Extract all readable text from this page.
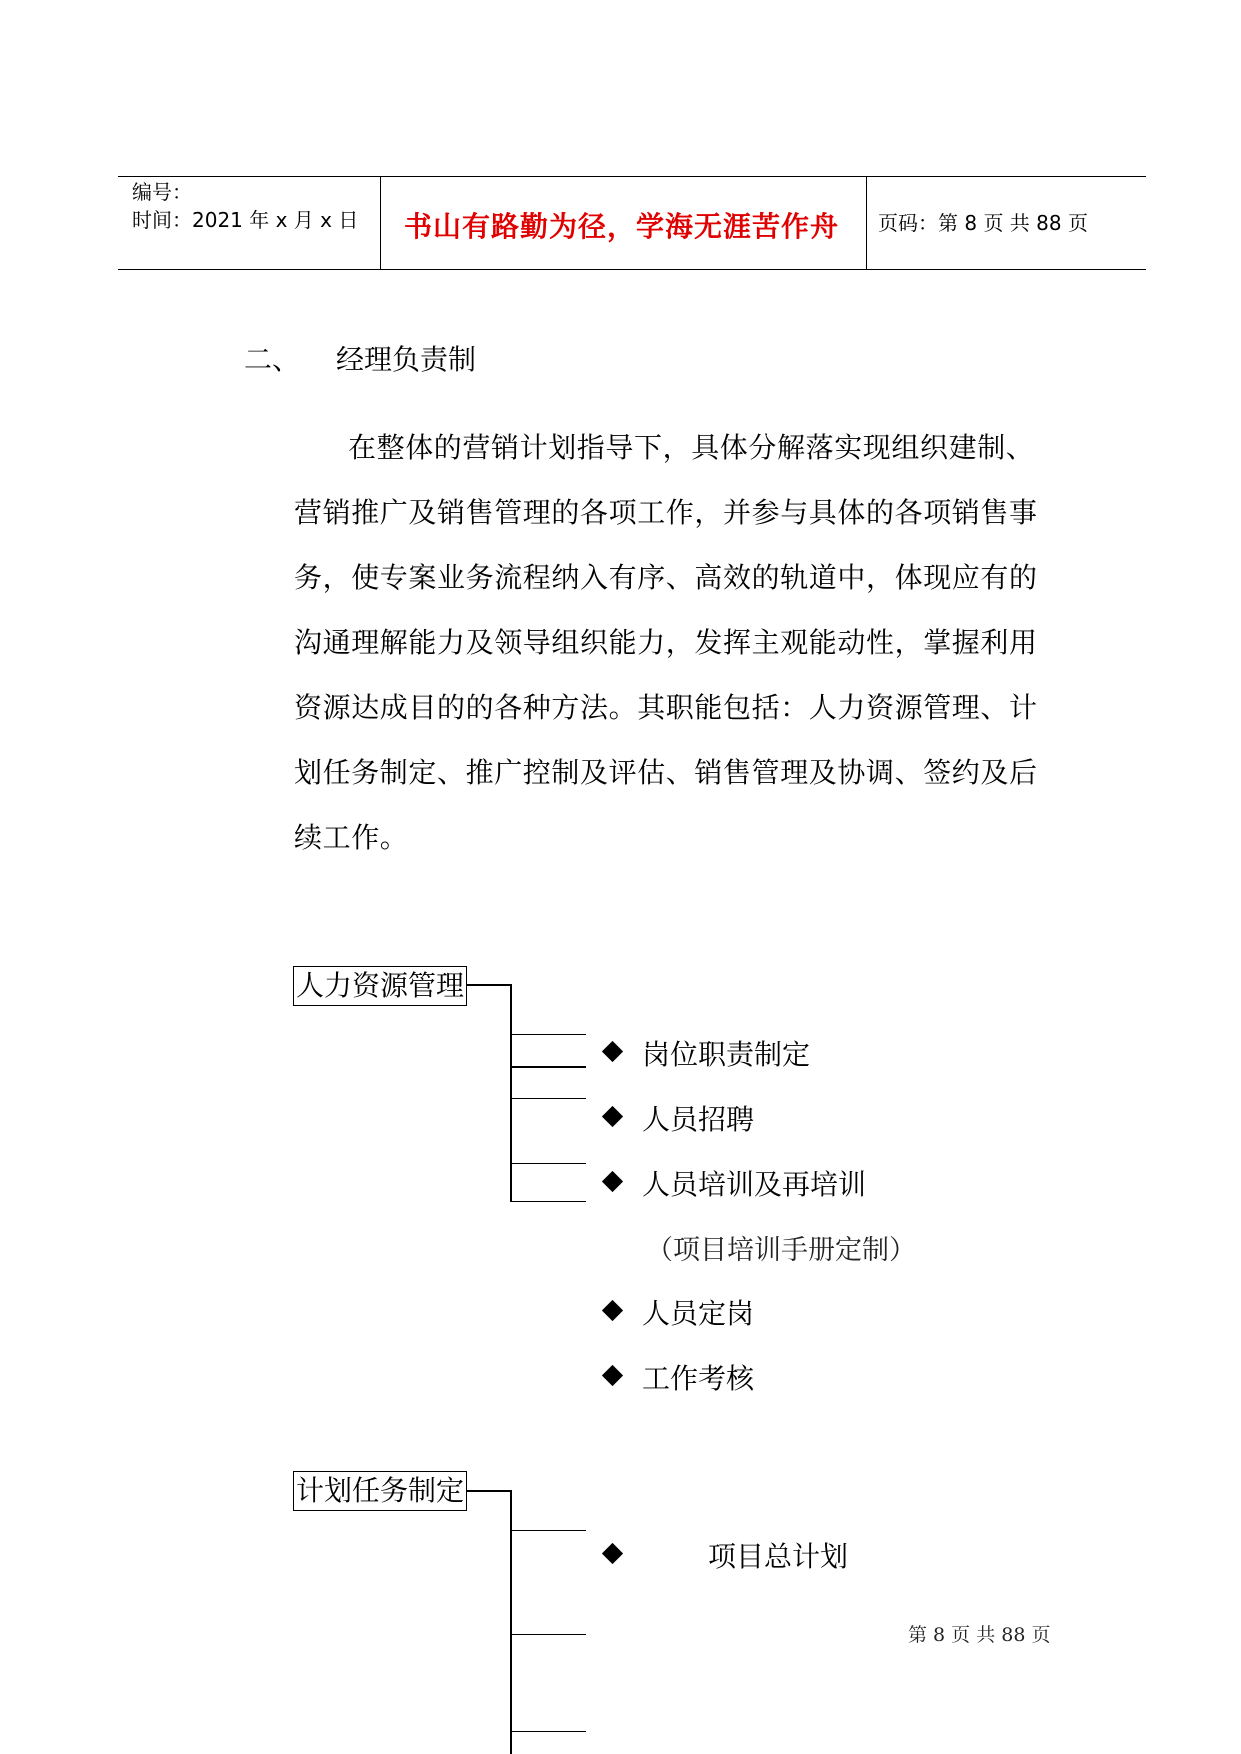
编号：
时间：2021 年 x 月 x 日 书山有路勤为径，学海无涯苦作舟 页码：第 8 页 共 88 页
二、 经理负责制
在整体的营销计划指导下，具体分解落实现组织建制、
营销推广及销售管理的各项工作，并参与具体的各项销售事
务，使专案业务流程纳入有序、高效的轨道中，体现应有的
沟通理解能力及领导组织能力，发挥主观能动性，掌握利用
资源达成目的的各种方法。其职能包括：人力资源管理、计
划任务制定、推广控制及评估、销售管理及协调、签约及后
续工作。
人力资源管理
岗位职责制定
人员招聘
人员培训及再培训
（项目培训手册定制）
人员定岗
工作考核
计划任务制定
项目总计划
第 8 页 共 88 页
